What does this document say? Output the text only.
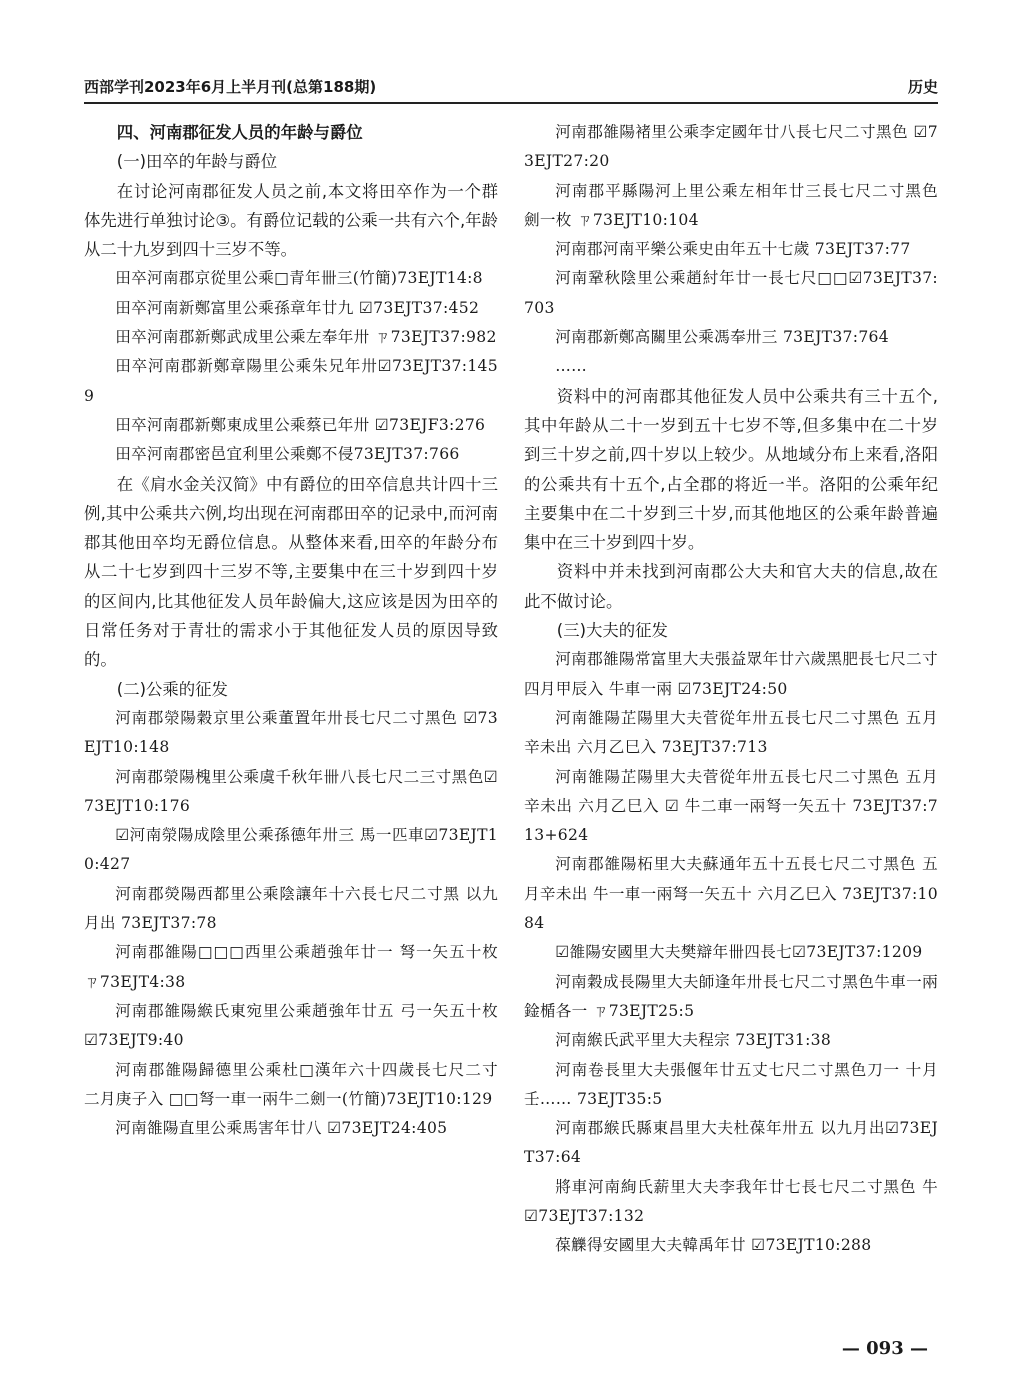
西部学刊2023年6月上半月刊(总第188期)	历史

四、河南郡征发人员的年龄与爵位

(一)田卒的年龄与爵位

在讨论河南郡征发人员之前,本文将田卒作为一个群体先进行单独讨论③。有爵位记载的公乘一共有六个,年龄从二十九岁到四十三岁不等。

田卒河南郡京從里公乘□青年卌三(竹簡)73EJT14:8

田卒河南新鄭富里公乘孫章年廿九 ☑73EJT37:452

田卒河南郡新鄭武成里公乘左奉年卅 ㄗ73EJT37:982

田卒河南郡新鄭章陽里公乘朱兄年卅☑73EJT37:1459

田卒河南郡新鄭東成里公乘蔡已年卅 ☑73EJF3:276

田卒河南郡密邑宜利里公乘鄭不侵73EJT37:766

在《肩水金关汉简》中有爵位的田卒信息共计四十三例,其中公乘共六例,均出现在河南郡田卒的记录中,而河南郡其他田卒均无爵位信息。从整体来看,田卒的年龄分布从二十七岁到四十三岁不等,主要集中在三十岁到四十岁的区间内,比其他征发人员年龄偏大,这应该是因为田卒的日常任务对于青壮的需求小于其他征发人员的原因导致的。

(二)公乘的征发

河南郡滎陽穀京里公乘董置年卅長七尺二寸黑色 ☑73EJT10:148

河南郡滎陽槐里公乘虞千秋年卌八長七尺二三寸黑色☑73EJT10:176

☑河南滎陽成陰里公乘孫德年卅三 馬一匹車☑73EJT10:427

河南郡熒陽西都里公乘陰讓年十六長七尺二寸黑 以九月出 73EJT37:78

河南郡雒陽□□□西里公乘趙強年廿一 弩一矢五十枚 ㄗ73EJT4:38

河南郡雒陽緱氏東宛里公乘趙強年廿五 弓一矢五十枚 ☑73EJT9:40

河南郡雒陽歸德里公乘杜□漢年六十四歲長七尺二寸 二月庚子入 □□弩一車一兩牛二劍一(竹簡)73EJT10:129

河南雒陽直里公乘馬害年廿八 ☑73EJT24:405

河南郡雒陽褚里公乘李定國年廿八長七尺二寸黑色 ☑73EJT27:20

河南郡平縣陽河上里公乘左相年廿三長七尺二寸黑色 劍一枚 ㄗ73EJT10:104

河南郡河南平樂公乘史由年五十七歲 73EJT37:77

河南鞏秋陰里公乘趙紂年廿一長七尺□□☑73EJT37:703

河南郡新鄭高關里公乘馮奉卅三 73EJT37:764

……

资料中的河南郡其他征发人员中公乘共有三十五个,其中年龄从二十一岁到五十七岁不等,但多集中在二十岁到三十岁之前,四十岁以上较少。从地域分布上来看,洛阳的公乘共有十五个,占全郡的将近一半。洛阳的公乘年纪主要集中在二十岁到三十岁,而其他地区的公乘年龄普遍集中在三十岁到四十岁。

资料中并未找到河南郡公大夫和官大夫的信息,故在此不做讨论。

(三)大夫的征发

河南郡雒陽常富里大夫張益眾年廿六歲黑肥長七尺二寸四月甲辰入 牛車一兩 ☑73EJT24:50

河南雒陽芷陽里大夫菅從年卅五長七尺二寸黑色 五月辛未出 六月乙巳入 73EJT37:713

河南雒陽芷陽里大夫菅從年卅五長七尺二寸黑色 五月辛未出 六月乙巳入 ☑ 牛二車一兩弩一矢五十 73EJT37:713+624

河南郡雒陽柘里大夫蘇通年五十五長七尺二寸黑色 五月辛未出 牛一車一兩弩一矢五十 六月乙巳入 73EJT37:1084

☑雒陽安國里大夫樊辯年卌四長七☑73EJT37:1209

河南穀成長陽里大夫師逢年卅長七尺二寸黑色牛車一兩鍂楯各一 ㄗ73EJT25:5

河南緱氏武平里大夫程宗 73EJT31:38

河南卷長里大夫張偃年廿五丈七尺二寸黑色刀一 十月壬…… 73EJT35:5

河南郡緱氏縣東昌里大夫杜葆年卅五 以九月出☑73EJT37:64

將車河南絢氏薪里大夫李我年廿七長七尺二寸黑色 牛☑73EJT37:132

葆觻得安國里大夫韓禹年廿 ☑73EJT10:288

— 093 —
